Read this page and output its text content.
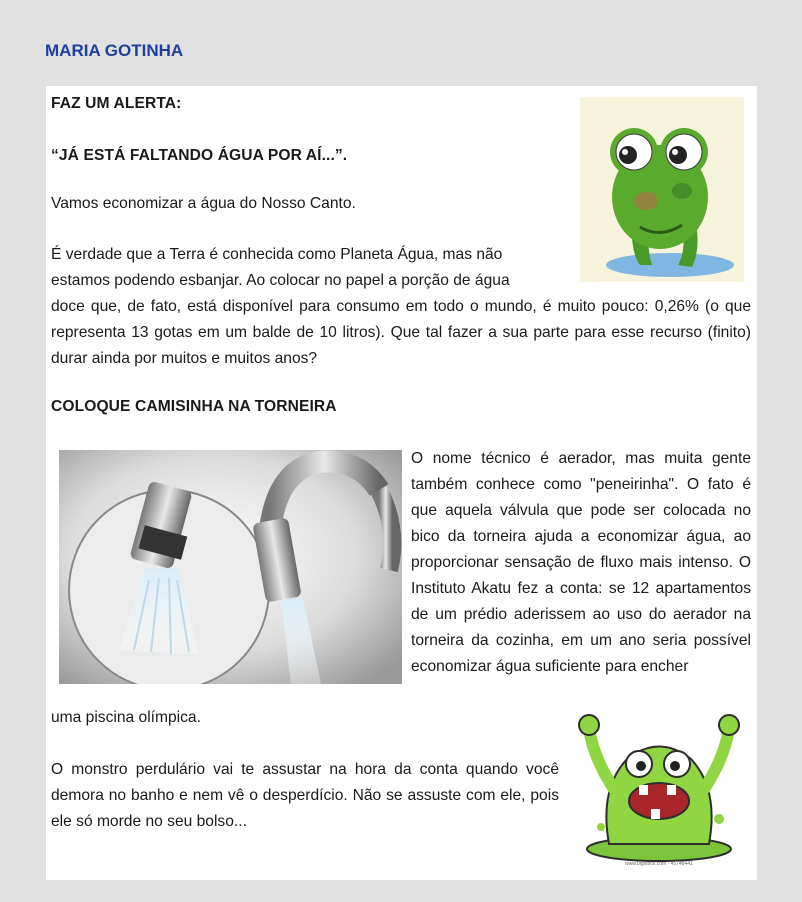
MARIA GOTINHA

FAZ UM ALERTA:

“JÁ ESTÁ FALTANDO ÁGUA POR AÍ...”.

Vamos economizar a água do Nosso Canto.

É verdade que a Terra é conhecida como Planeta Água, mas não

estamos podendo esbanjar. Ao colocar no papel a porção de água

doce que, de fato, está disponível para consumo em todo o mundo, é muito pouco: 0,26% (o que representa 13 gotas em um balde de 10 litros). Que tal fazer a sua parte para esse recurso (finito) durar ainda por muitos e muitos anos?

COLOQUE CAMISINHA NA TORNEIRA

O nome técnico é aerador, mas muita gente também conhece como "peneirinha". O fato é que aquela válvula que pode ser colocada no bico da torneira ajuda a economizar água, ao proporcionar sensação de fluxo mais intenso. O Instituto Akatu fez a conta: se 12 apartamentos de um prédio aderissem ao uso do aerador na torneira da cozinha, em um ano seria possível economizar água suficiente para encher

uma piscina olímpica.

O monstro perdulário vai te assustar na hora da conta quando você demora no banho e nem vê o desperdício. Não se assuste com ele, pois ele só morde no seu bolso...

www.bigstock.com · 45748441
